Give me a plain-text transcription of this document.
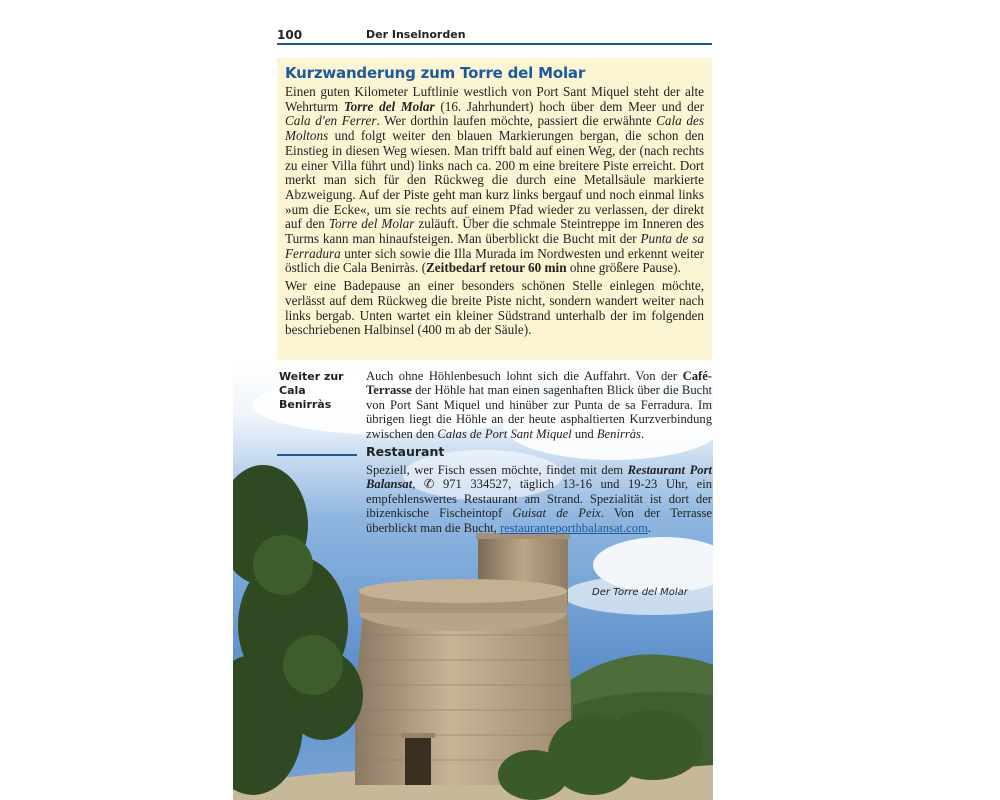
100	Der Inselnorden
Kurzwanderung zum Torre del Molar

Einen guten Kilometer Luftlinie westlich von Port Sant Miquel steht der alte Wehrturm Torre del Molar (16. Jahrhundert) hoch über dem Meer und der Cala d'en Ferrer. Wer dorthin laufen möchte, passiert die erwähnte Cala des Moltons und folgt weiter den blauen Markierungen bergan, die schon den Einstieg in diesen Weg wiesen. Man trifft bald auf einen Weg, der (nach rechts zu einer Villa führt und) links nach ca. 200 m eine breitere Piste erreicht. Dort merkt man sich für den Rückweg die durch eine Metallsäule markierte Abzweigung. Auf der Piste geht man kurz links bergauf und noch einmal links »um die Ecke«, um sie rechts auf einem Pfad wieder zu verlassen, der direkt auf den Torre del Molar zuläuft. Über die schmale Steintreppe im Inneren des Turms kann man hinaufsteigen. Man überblickt die Bucht mit der Punta de sa Ferradura unter sich sowie die Illa Murada im Nordwesten und erkennt weiter östlich die Cala Benirràs. (Zeitbedarf retour 60 min ohne größere Pause).

Wer eine Badepause an einer besonders schönen Stelle einlegen möchte, verlässt auf dem Rückweg die breite Piste nicht, sondern wandert weiter nach links bergab. Unten wartet ein kleiner Südstrand unterhalb der im folgenden beschriebenen Halbinsel (400 m ab der Säule).

Weiter zur
Cala Benirràs

Auch ohne Höhlenbesuch lohnt sich die Auffahrt. Von der Café-Terrasse der Höhle hat man einen sagenhaften Blick über die Bucht von Port Sant Miquel und hinüber zur Punta de sa Ferradura. Im übrigen liegt die Höhle an der heute asphaltierten Kurzverbindung zwischen den Calas de Port Sant Miquel und Benirràs.

Restaurant

Speziell, wer Fisch essen möchte, findet mit dem Restaurant Port Balansat, ✆ 971 334527, täglich 13-16 und 19-23 Uhr, ein empfehlenswertes Restaurant am Strand. Spezialität ist dort der ibizenkische Fischeintopf Guisat de Peix. Von der Terrasse überblickt man die Bucht, restauranteporthbalansat.com.

Der Torre del Molar
